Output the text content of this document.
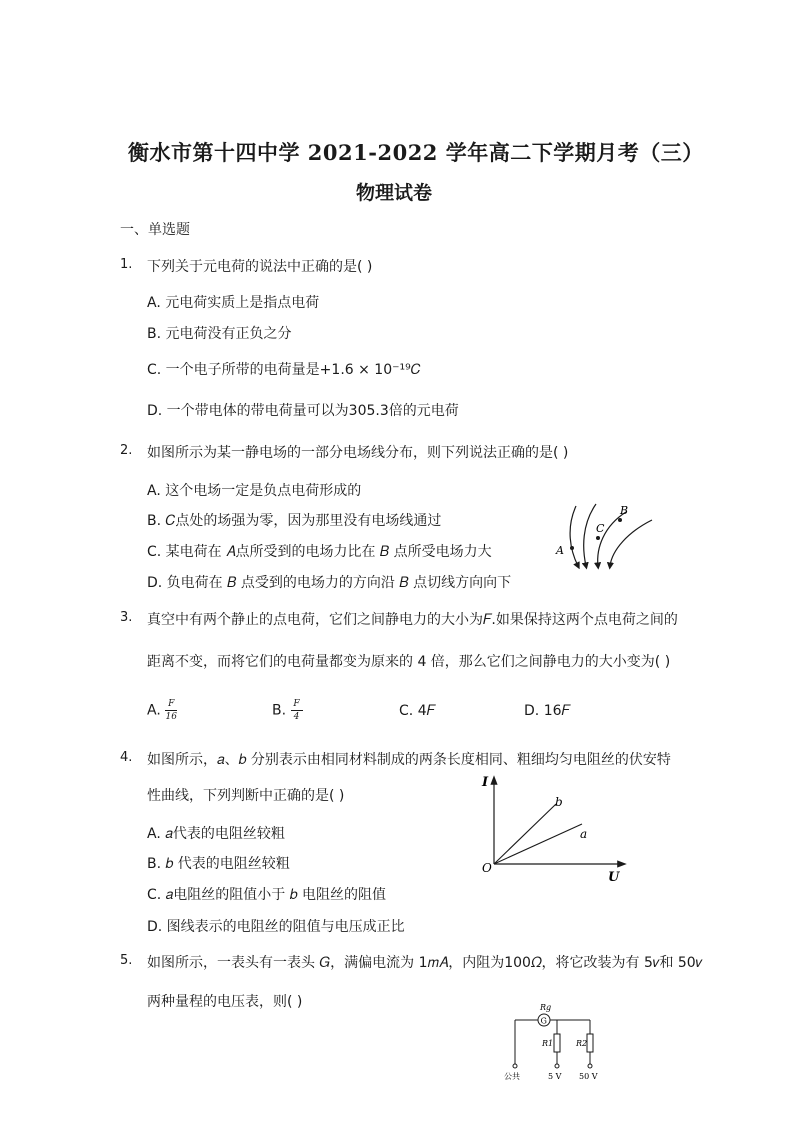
衡水市第十四中学 2021-2022 学年高二下学期月考（三）
物理试卷
一、单选题
1. 下列关于元电荷的说法中正确的是( )
A. 元电荷实质上是指点电荷
B. 元电荷没有正负之分
C. 一个电子所带的电荷量是+1.6 × 10⁻¹⁹𝐶
D. 一个带电体的带电荷量可以为305.3倍的元电荷
2. 如图所示为某一静电场的一部分电场线分布，则下列说法正确的是( )
A. 这个电场一定是负点电荷形成的
B. 𝐶点处的场强为零，因为那里没有电场线通过
C. 某电荷在 𝐴点所受到的电场力比在 𝐵 点所受电场力大
D. 负电荷在 𝐵 点受到的电场力的方向沿 𝐵 点切线方向向下
A
B
C
3. 真空中有两个静止的点电荷，它们之间静电力的大小为𝐹.如果保持这两个点电荷之间的
距离不变，而将它们的电荷量都变为原来的 4 倍，那么它们之间静电力的大小变为( )
A. $\frac{F}{16}$	B. $\frac{F}{4}$	C. 4𝐹	D. 16𝐹
4. 如图所示，𝑎、𝑏 分别表示由相同材料制成的两条长度相同、粗细均匀电阻丝的伏安特
性曲线，下列判断中正确的是( )
A. 𝑎代表的电阻丝较粗
B. 𝑏 代表的电阻丝较粗
C. 𝑎电阻丝的阻值小于 𝑏 电阻丝的阻值
D. 图线表示的电阻丝的阻值与电压成正比
I
U
O
b
a
5. 如图所示，一表头有一表头 𝐺，满偏电流为 1𝑚𝐴，内阻为100𝛺，将它改装为有 5𝑣和 50𝑣
两种量程的电压表，则( )
G
Rg
R1	R2
公共	5 V 50 V
